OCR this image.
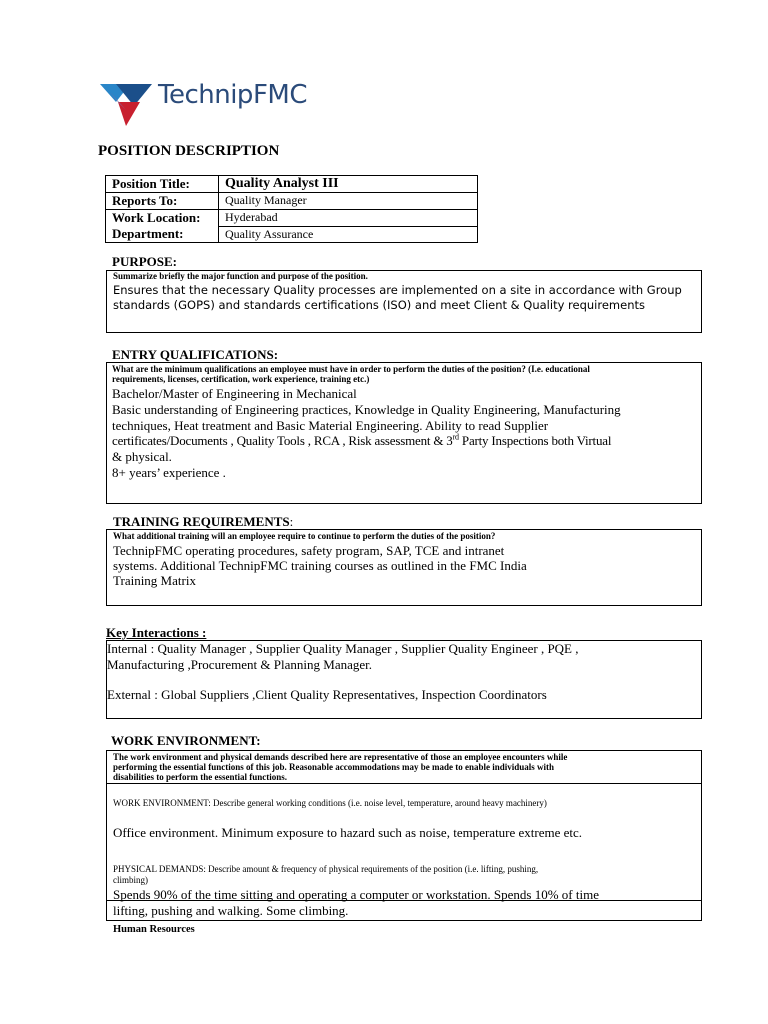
TechnipFMC
POSITION DESCRIPTION
Position Title:	Quality Analyst III
Reports To:	Quality Manager
Work Location:	Hyderabad
Department:	Quality Assurance
PURPOSE:
Summarize briefly the major function and purpose of the position.
Ensures that the necessary Quality processes are implemented on a site in accordance with Group
standards (GOPS) and standards certifications (ISO) and meet Client & Quality requirements
ENTRY QUALIFICATIONS:
What are the minimum qualifications an employee must have in order to perform the duties of the position? (I.e. educational
requirements, licenses, certification, work experience, training etc.)
Bachelor/Master of Engineering in Mechanical
Basic understanding of Engineering practices, Knowledge in Quality Engineering, Manufacturing
techniques, Heat treatment and Basic Material Engineering. Ability to read Supplier
certificates/Documents , Quality Tools , RCA , Risk assessment & 3rd Party Inspections both Virtual
& physical.
8+ years’ experience .
TRAINING REQUIREMENTS:
What additional training will an employee require to continue to perform the duties of the position?
TechnipFMC operating procedures, safety program, SAP, TCE and intranet
systems. Additional TechnipFMC training courses as outlined in the FMC India
Training Matrix
Key Interactions :
Internal : Quality Manager , Supplier Quality Manager , Supplier Quality Engineer , PQE ,
Manufacturing ,Procurement & Planning Manager.
External : Global Suppliers ,Client Quality Representatives, Inspection Coordinators
WORK ENVIRONMENT:
The work environment and physical demands described here are representative of those an employee encounters while
performing the essential functions of this job. Reasonable accommodations may be made to enable individuals with
disabilities to perform the essential functions.
WORK ENVIRONMENT: Describe general working conditions (i.e. noise level, temperature, around heavy machinery)
Office environment. Minimum exposure to hazard such as noise, temperature extreme etc.
PHYSICAL DEMANDS: Describe amount & frequency of physical requirements of the position (i.e. lifting, pushing,
climbing)
Spends 90% of the time sitting and operating a computer or workstation. Spends 10% of time
lifting, pushing and walking. Some climbing.
Human Resources
